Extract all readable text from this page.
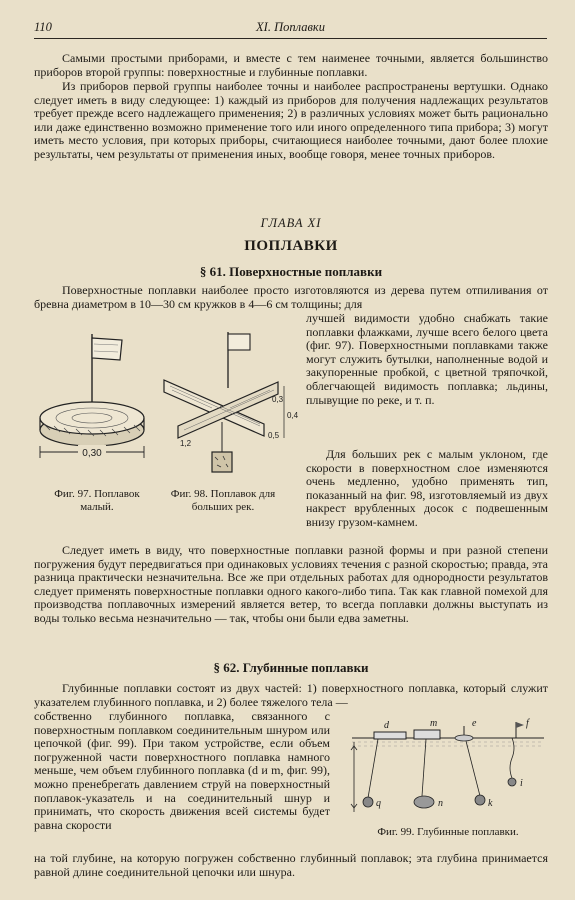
110	XI. Поплавки

Самыми простыми приборами, и вместе с тем наименее точными, является большинство приборов второй группы: поверхностные и глубинные поплавки.

Из приборов первой группы наиболее точны и наиболее распространены вертушки. Однако следует иметь в виду следующее: 1) каждый из приборов для получения надлежащих результатов требует прежде всего надлежащего применения; 2) в различных условиях может быть рационально или даже единственно возможно применение того или иного определенного типа прибора; 3) могут иметь место условия, при которых приборы, считающиеся наиболее точными, дают более плохие результаты, чем результаты от применения иных, вообще говоря, менее точных приборов.

ГЛАВА XI

ПОПЛАВКИ

§ 61. Поверхностные поплавки

Поверхностные поплавки наиболее просто изготовляются из дерева путем отпиливания от бревна диаметром в 10—30 см кружков в 4—6 см толщины; для

0,30
Фиг. 97. Поплавок малый.
0,3
0,4
0,5
1,2
Фиг. 98. Поплавок для больших рек.

лучшей видимости удобно снабжать такие поплавки флажками, лучше всего белого цвета (фиг. 97). Поверхностными поплавками также могут служить бутылки, наполненные водой и закупоренные пробкой, с цветной тряпочкой, облегчающей видимость поплавка; льдины, плывущие по реке, и т. п.

Для больших рек с малым уклоном, где скорости в поверхностном слое изменяются очень медленно, удобно применять тип, показанный на фиг. 98, изготовляемый из двух накрест врубленных досок с подвешенным внизу грузом-камнем.

Следует иметь в виду, что поверхностные поплавки разной формы и при разной степени погружения будут передвигаться при одинаковых условиях течения с разной скоростью; правда, эта разница практически незначительна. Все же при отдельных работах для однородности результатов следует применять поверхностные поплавки одного какого-либо типа. Так как главной помехой для производства поплавочных измерений является ветер, то всегда поплавки должны выступать из воды только весьма незначительно — так, чтобы они были едва заметны.

§ 62. Глубинные поплавки

Глубинные поплавки состоят из двух частей: 1) поверхностного поплавка, который служит указателем глубинного поплавка, и 2) более тяжелого тела —

собственно глубинного поплавка, связанного с поверхностным поплавком соединительным шнуром или цепочкой (фиг. 99). При таком устройстве, если объем погруженной части поверхностного поплавка намного меньше, чем объем глубинного поплавка (d и m, фиг. 99), можно пренебрегать давлением струй на поверхностный поплавок-указатель и на соединительный шнур и принимать, что скорость движения всей системы будет равна скорости

d	m	e	f
q	n	k
i
Фиг. 99. Глубинные поплавки.

на той глубине, на которую погружен собственно глубинный поплавок; эта глубина принимается равной длине соединительной цепочки или шнура.
